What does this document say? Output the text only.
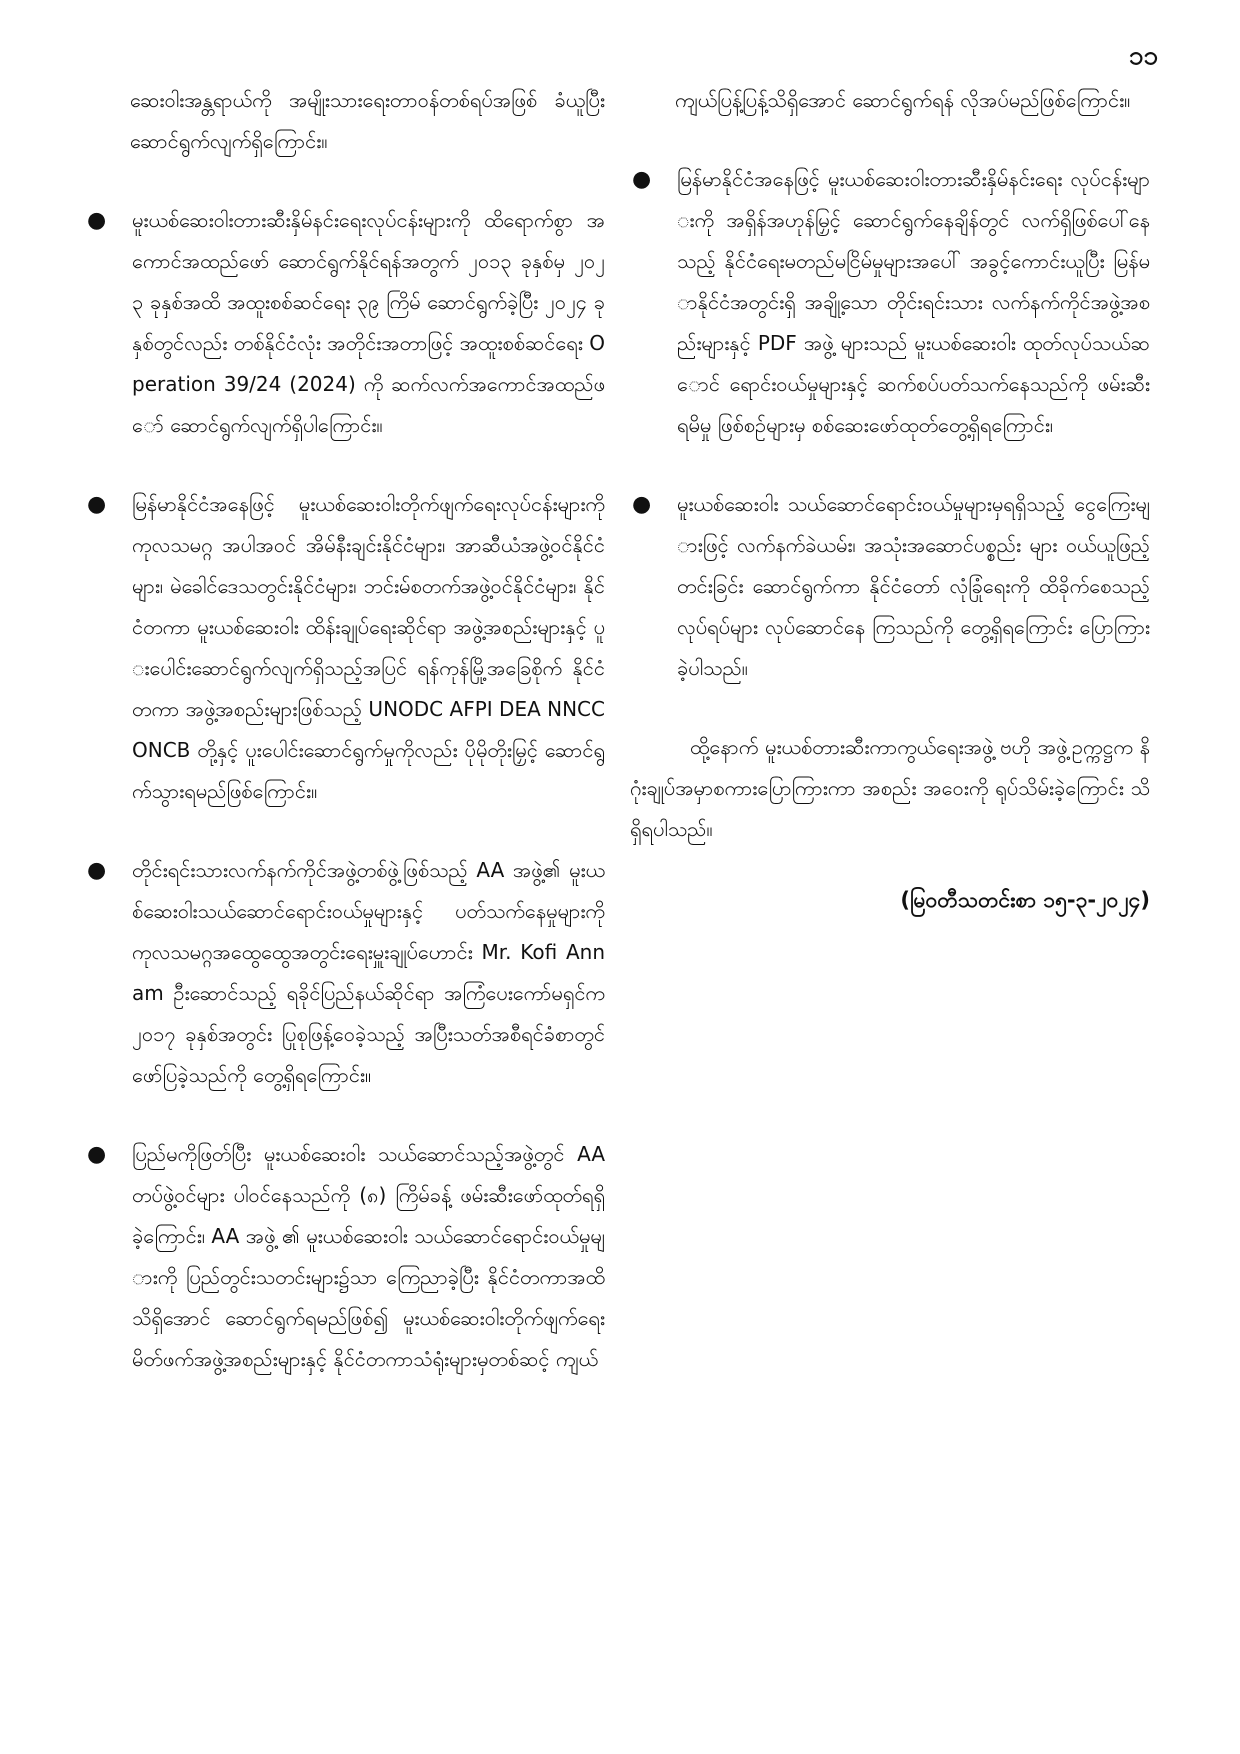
၁၁

ဆေးဝါးအန္တရာယ်ကို အမျိုးသားရေးတာဝန်တစ်ရပ်အဖြစ် ခံယူပြီး ဆောင်ရွက်လျက်ရှိကြောင်း။

●	မူးယစ်ဆေးဝါးတားဆီးနှိမ်နင်းရေးလုပ်ငန်းများကို ထိရောက်စွာ အကောင်အထည်ဖော် ဆောင်ရွက်နိုင်ရန်အတွက် ၂၀၁၃ ခုနှစ်မှ ၂၀၂၃ ခုနှစ်အထိ အထူးစစ်ဆင်ရေး ၃၉ ကြိမ် ဆောင်ရွက်ခဲ့ပြီး ၂၀၂၄ ခုနှစ်တွင်လည်း တစ်နိုင်ငံလုံး အတိုင်းအတာဖြင့် အထူးစစ်ဆင်ရေး Operation 39/24 (2024) ကို ဆက်လက်အကောင်အထည်ဖော် ဆောင်ရွက်လျက်ရှိပါကြောင်း။

●	မြန်မာနိုင်ငံအနေဖြင့် မူးယစ်ဆေးဝါးတိုက်ဖျက်ရေးလုပ်ငန်းများကို ကုလသမဂ္ဂ အပါအဝင် အိမ်နီးချင်းနိုင်ငံများ၊ အာဆီယံအဖွဲ့ဝင်နိုင်ငံများ၊ မဲခေါင်ဒေသတွင်းနိုင်ငံများ၊ ဘင်းမ်စတက်အဖွဲ့ဝင်နိုင်ငံများ၊ နိုင်ငံတကာ မူးယစ်ဆေးဝါး ထိန်းချုပ်ရေးဆိုင်ရာ အဖွဲ့အစည်းများနှင့် ပူးပေါင်းဆောင်ရွက်လျက်ရှိသည့်အပြင် ရန်ကုန်မြို့အခြေစိုက် နိုင်ငံတကာ အဖွဲ့အစည်းများဖြစ်သည့် UNODC AFPI DEA NNCC ONCB တို့နှင့် ပူးပေါင်းဆောင်ရွက်မှုကိုလည်း ပိုမိုတိုးမြှင့် ဆောင်ရွက်သွားရမည်ဖြစ်ကြောင်း။

●	တိုင်းရင်းသားလက်နက်ကိုင်အဖွဲ့တစ်ဖွဲ့ဖြစ်သည့် AA အဖွဲ့၏ မူးယစ်ဆေးဝါးသယ်ဆောင်ရောင်းဝယ်မှုများနှင့် ပတ်သက်နေမှုများကို ကုလသမဂ္ဂအထွေထွေအတွင်းရေးမှူးချုပ်ဟောင်း Mr. Kofi Annam ဦးဆောင်သည့် ရခိုင်ပြည်နယ်ဆိုင်ရာ အကြံပေးကော်မရှင်က ၂၀၁၇ ခုနှစ်အတွင်း ပြုစုဖြန့်ဝေခဲ့သည့် အပြီးသတ်အစီရင်ခံစာတွင် ဖော်ပြခဲ့သည်ကို တွေ့ရှိရကြောင်း။

●	ပြည်မကိုဖြတ်ပြီး မူးယစ်ဆေးဝါး သယ်ဆောင်သည့်အဖွဲ့တွင် AA တပ်ဖွဲ့ဝင်များ ပါဝင်နေသည်ကို (၈) ကြိမ်ခန့် ဖမ်းဆီးဖော်ထုတ်ရရှိခဲ့ကြောင်း၊ AA အဖွဲ့ ၏ မူးယစ်ဆေးဝါး သယ်ဆောင်ရောင်းဝယ်မှုများကို ပြည်တွင်းသတင်းများ၌သာ ကြေညာခဲ့ပြီး နိုင်ငံတကာအထိ သိရှိအောင် ဆောင်ရွက်ရမည်ဖြစ်၍ မူးယစ်ဆေးဝါးတိုက်ဖျက်ရေး မိတ်ဖက်အဖွဲ့အစည်းများနှင့် နိုင်ငံတကာသံရုံးများမှတစ်ဆင့် ကျယ်

ကျယ်ပြန့်ပြန့်သိရှိအောင် ဆောင်ရွက်ရန် လိုအပ်မည်ဖြစ်ကြောင်း။

●	မြန်မာနိုင်ငံအနေဖြင့် မူးယစ်ဆေးဝါးတားဆီးနှိမ်နင်းရေး လုပ်ငန်းများကို အရှိန်အဟုန်မြှင့် ဆောင်ရွက်နေချိန်တွင် လက်ရှိဖြစ်ပေါ်နေသည့် နိုင်ငံရေးမတည်မငြိမ်မှုများအပေါ် အခွင့်ကောင်းယူပြီး မြန်မာနိုင်ငံအတွင်းရှိ အချို့သော တိုင်းရင်းသား လက်နက်ကိုင်အဖွဲ့အစည်းများနှင့် PDF အဖွဲ့ များသည် မူးယစ်ဆေးဝါး ထုတ်လုပ်သယ်ဆောင် ရောင်းဝယ်မှုများနှင့် ဆက်စပ်ပတ်သက်နေသည်ကို ဖမ်းဆီးရမိမှု ဖြစ်စဉ်များမှ စစ်ဆေးဖော်ထုတ်တွေ့ရှိရကြောင်း၊

●	မူးယစ်ဆေးဝါး သယ်ဆောင်ရောင်းဝယ်မှုများမှရရှိသည့် ငွေကြေးများဖြင့် လက်နက်ခဲယမ်း၊ အသုံးအဆောင်ပစ္စည်း များ ဝယ်ယူဖြည့်တင်းခြင်း ဆောင်ရွက်ကာ နိုင်ငံတော် လုံခြုံရေးကို ထိခိုက်စေသည့် လုပ်ရပ်များ လုပ်ဆောင်နေ ကြသည်ကို တွေ့ရှိရကြောင်း ပြောကြားခဲ့ပါသည်။

ထို့နောက် မူးယစ်တားဆီးကာကွယ်ရေးအဖွဲ့ ဗဟို အဖွဲ့ဥက္ကဋ္ဌက နိဂုံးချုပ်အမှာစကားပြောကြားကာ အစည်း အဝေးကို ရုပ်သိမ်းခဲ့ကြောင်း သိရှိရပါသည်။

(မြဝတီသတင်းစာ ၁၅-၃-၂၀၂၄)
